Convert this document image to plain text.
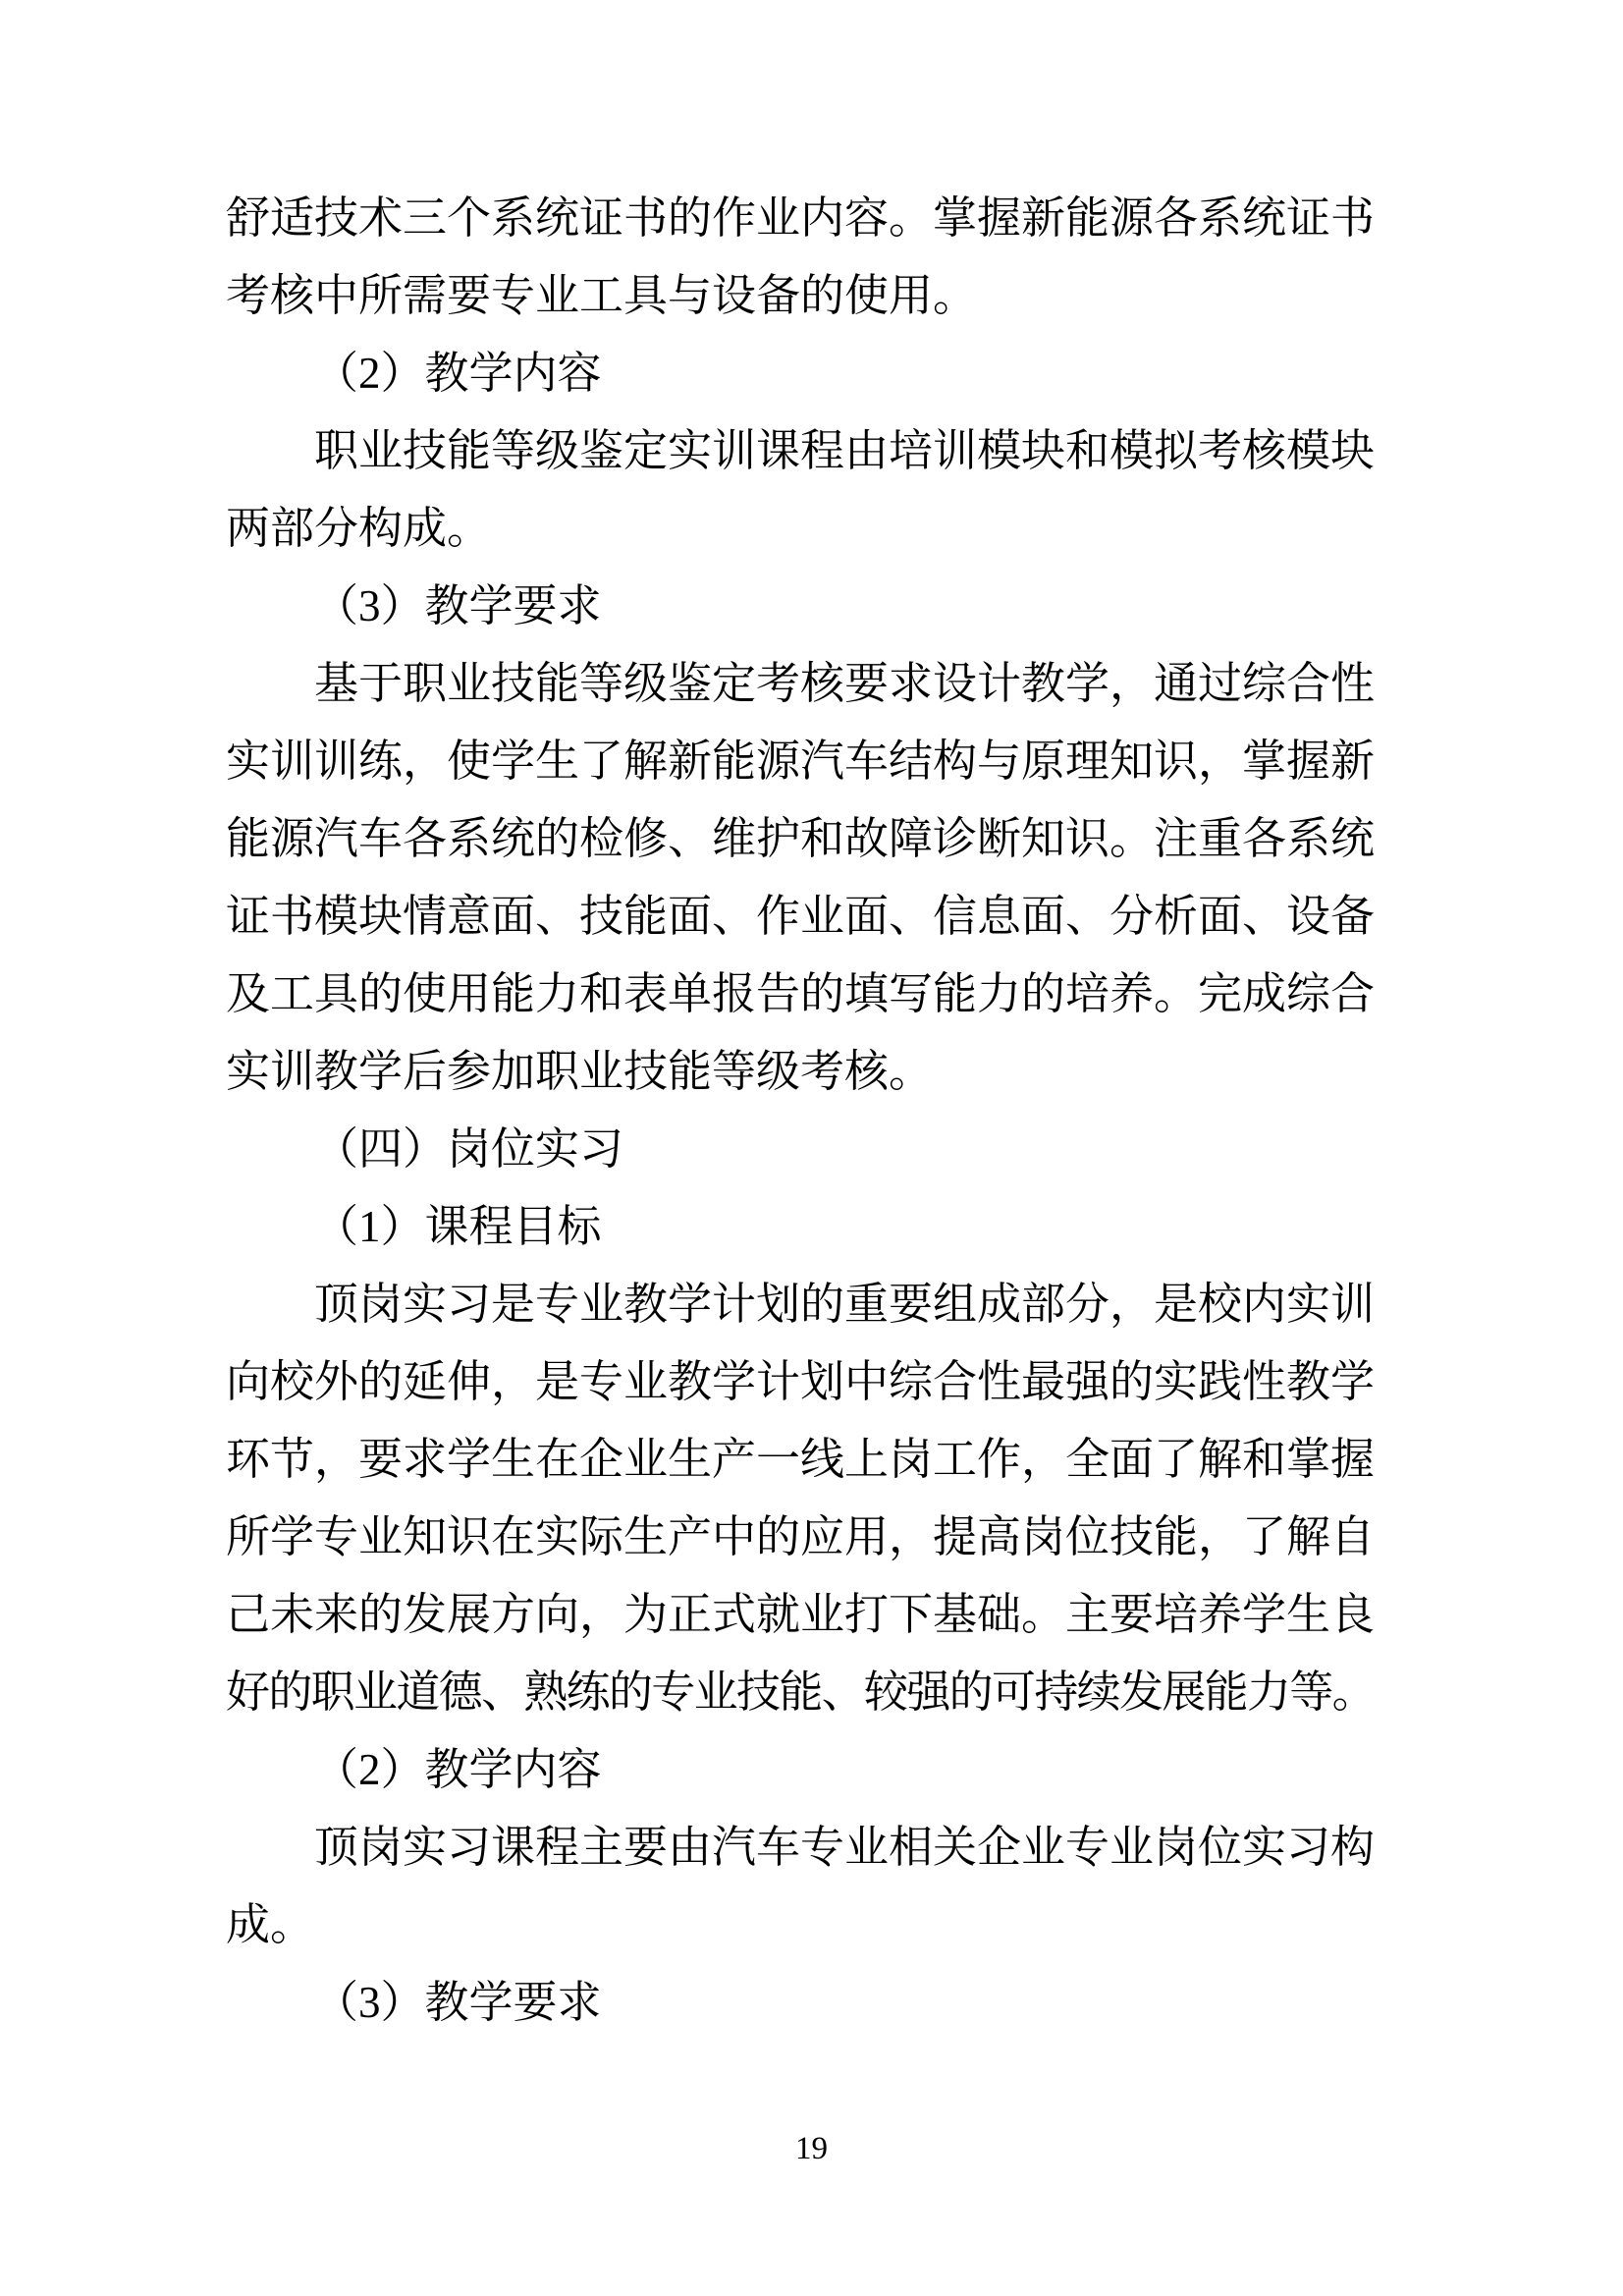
舒适技术三个系统证书的作业内容。掌握新能源各系统证书
考核中所需要专业工具与设备的使用。
（2）教学内容
职业技能等级鉴定实训课程由培训模块和模拟考核模块
两部分构成。
（3）教学要求
基于职业技能等级鉴定考核要求设计教学，通过综合性
实训训练，使学生了解新能源汽车结构与原理知识，掌握新
能源汽车各系统的检修、维护和故障诊断知识。注重各系统
证书模块情意面、技能面、作业面、信息面、分析面、设备
及工具的使用能力和表单报告的填写能力的培养。完成综合
实训教学后参加职业技能等级考核。
（四）岗位实习
（1）课程目标
顶岗实习是专业教学计划的重要组成部分，是校内实训
向校外的延伸，是专业教学计划中综合性最强的实践性教学
环节，要求学生在企业生产一线上岗工作，全面了解和掌握
所学专业知识在实际生产中的应用，提高岗位技能，了解自
己未来的发展方向，为正式就业打下基础。主要培养学生良
好的职业道德、熟练的专业技能、较强的可持续发展能力等。
（2）教学内容
顶岗实习课程主要由汽车专业相关企业专业岗位实习构
成。
（3）教学要求
19
